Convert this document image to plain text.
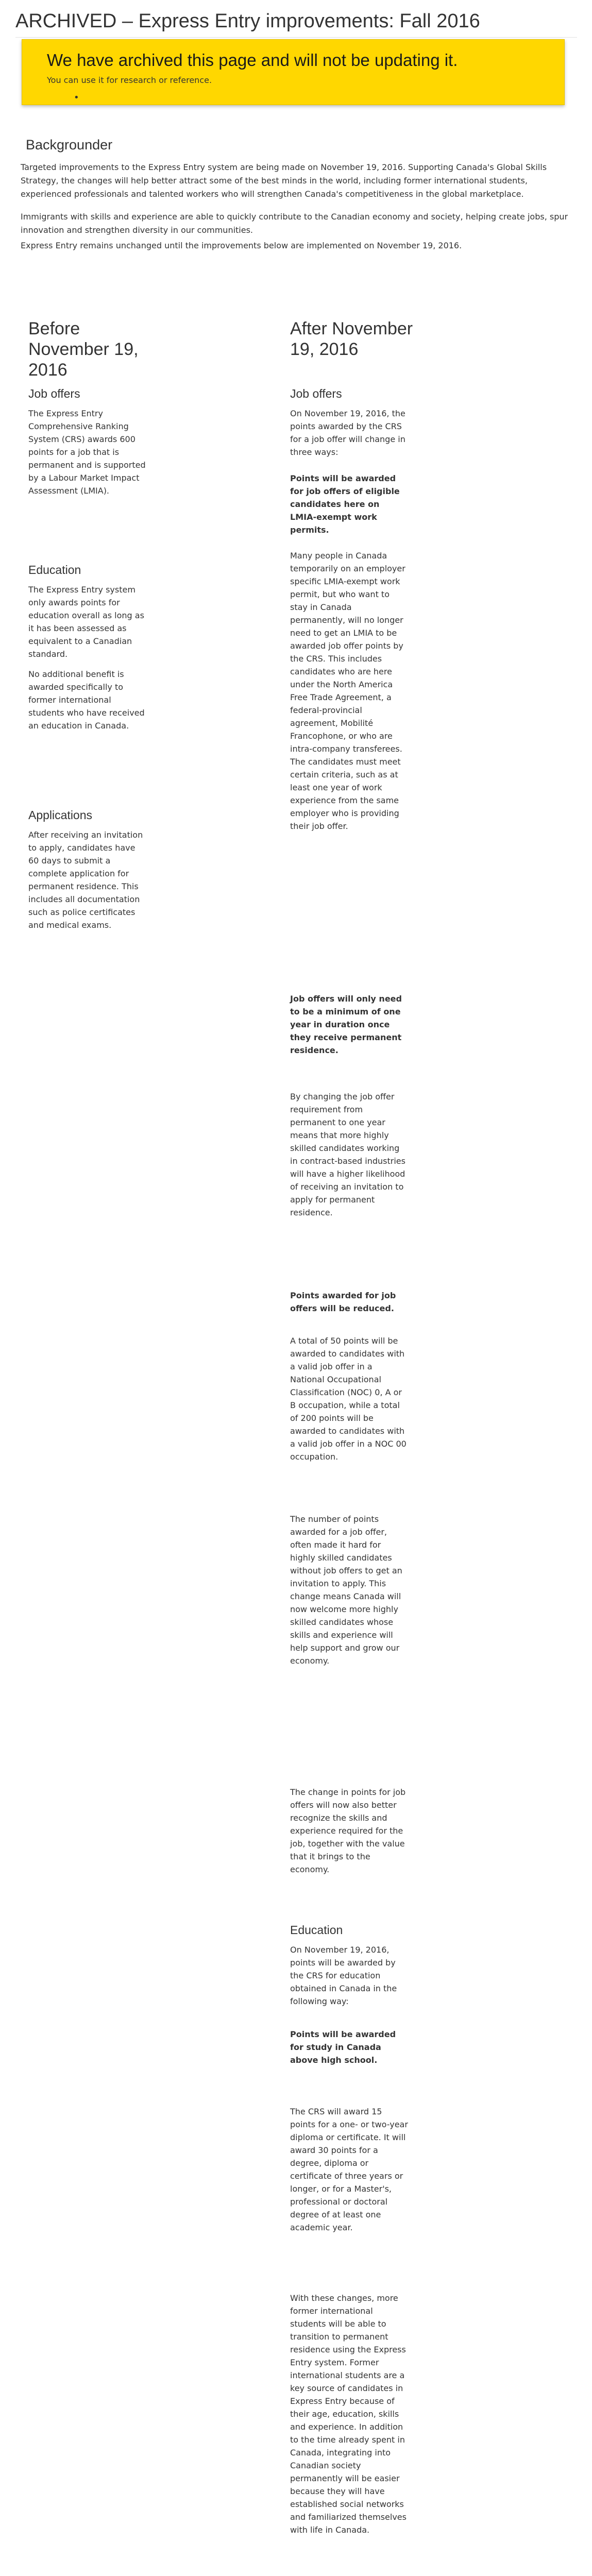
ARCHIVED – Express Entry improvements: Fall 2016
We have archived this page and will not be updating it.

You can use it for research or reference.

•
Backgrounder

Targeted improvements to the Express Entry system are being made on November 19, 2016. Supporting Canada's Global Skills Strategy, the changes will help better attract some of the best minds in the world, including former international students, experienced professionals and talented workers who will strengthen Canada's competitiveness in the global marketplace.

Immigrants with skills and experience are able to quickly contribute to the Canadian economy and society, helping create jobs, spur innovation and strengthen diversity in our communities.

Express Entry remains unchanged until the improvements below are implemented on November 19, 2016.

Before November 19, 2016
Job offers

The Express Entry Comprehensive Ranking System (CRS) awards 600 points for a job that is permanent and is supported by a Labour Market Impact Assessment (LMIA).

Education

The Express Entry system only awards points for education overall as long as it has been assessed as equivalent to a Canadian standard.

No additional benefit is awarded specifically to former international students who have received an education in Canada.

Applications

After receiving an invitation to apply, candidates have 60 days to submit a complete application for permanent residence. This includes all documentation such as police certificates and medical exams.

After November 19, 2016
Job offers

On November 19, 2016, the points awarded by the CRS for a job offer will change in three ways:

Points will be awarded for job offers of eligible candidates here on LMIA-exempt work permits.

Many people in Canada temporarily on an employer specific LMIA-exempt work permit, but who want to stay in Canada permanently, will no longer need to get an LMIA to be awarded job offer points by the CRS. This includes candidates who are here under the North America Free Trade Agreement, a federal-provincial agreement, Mobilité Francophone, or who are intra-company transferees. The candidates must meet certain criteria, such as at least one year of work experience from the same employer who is providing their job offer.

Job offers will only need to be a minimum of one year in duration once they receive permanent residence.

By changing the job offer requirement from permanent to one year means that more highly skilled candidates working in contract-based industries will have a higher likelihood of receiving an invitation to apply for permanent residence.

Points awarded for job offers will be reduced.

A total of 50 points will be awarded to candidates with a valid job offer in a National Occupational Classification (NOC) 0, A or B occupation, while a total of 200 points will be awarded to candidates with a valid job offer in a NOC 00 occupation.

The number of points awarded for a job offer, often made it hard for highly skilled candidates without job offers to get an invitation to apply. This change means Canada will now welcome more highly skilled candidates whose skills and experience will help support and grow our economy.

The change in points for job offers will now also better recognize the skills and experience required for the job, together with the value that it brings to the economy.

Education

On November 19, 2016, points will be awarded by the CRS for education obtained in Canada in the following way:

Points will be awarded for study in Canada above high school.

The CRS will award 15 points for a one- or two-year diploma or certificate. It will award 30 points for a degree, diploma or certificate of three years or longer, or for a Master's, professional or doctoral degree of at least one academic year.

With these changes, more former international students will be able to transition to permanent residence using the Express Entry system. Former international students are a key source of candidates in Express Entry because of their age, education, skills and experience. In addition to the time already spent in Canada, integrating into Canadian society permanently will be easier because they will have established social networks and familiarized themselves with life in Canada.
